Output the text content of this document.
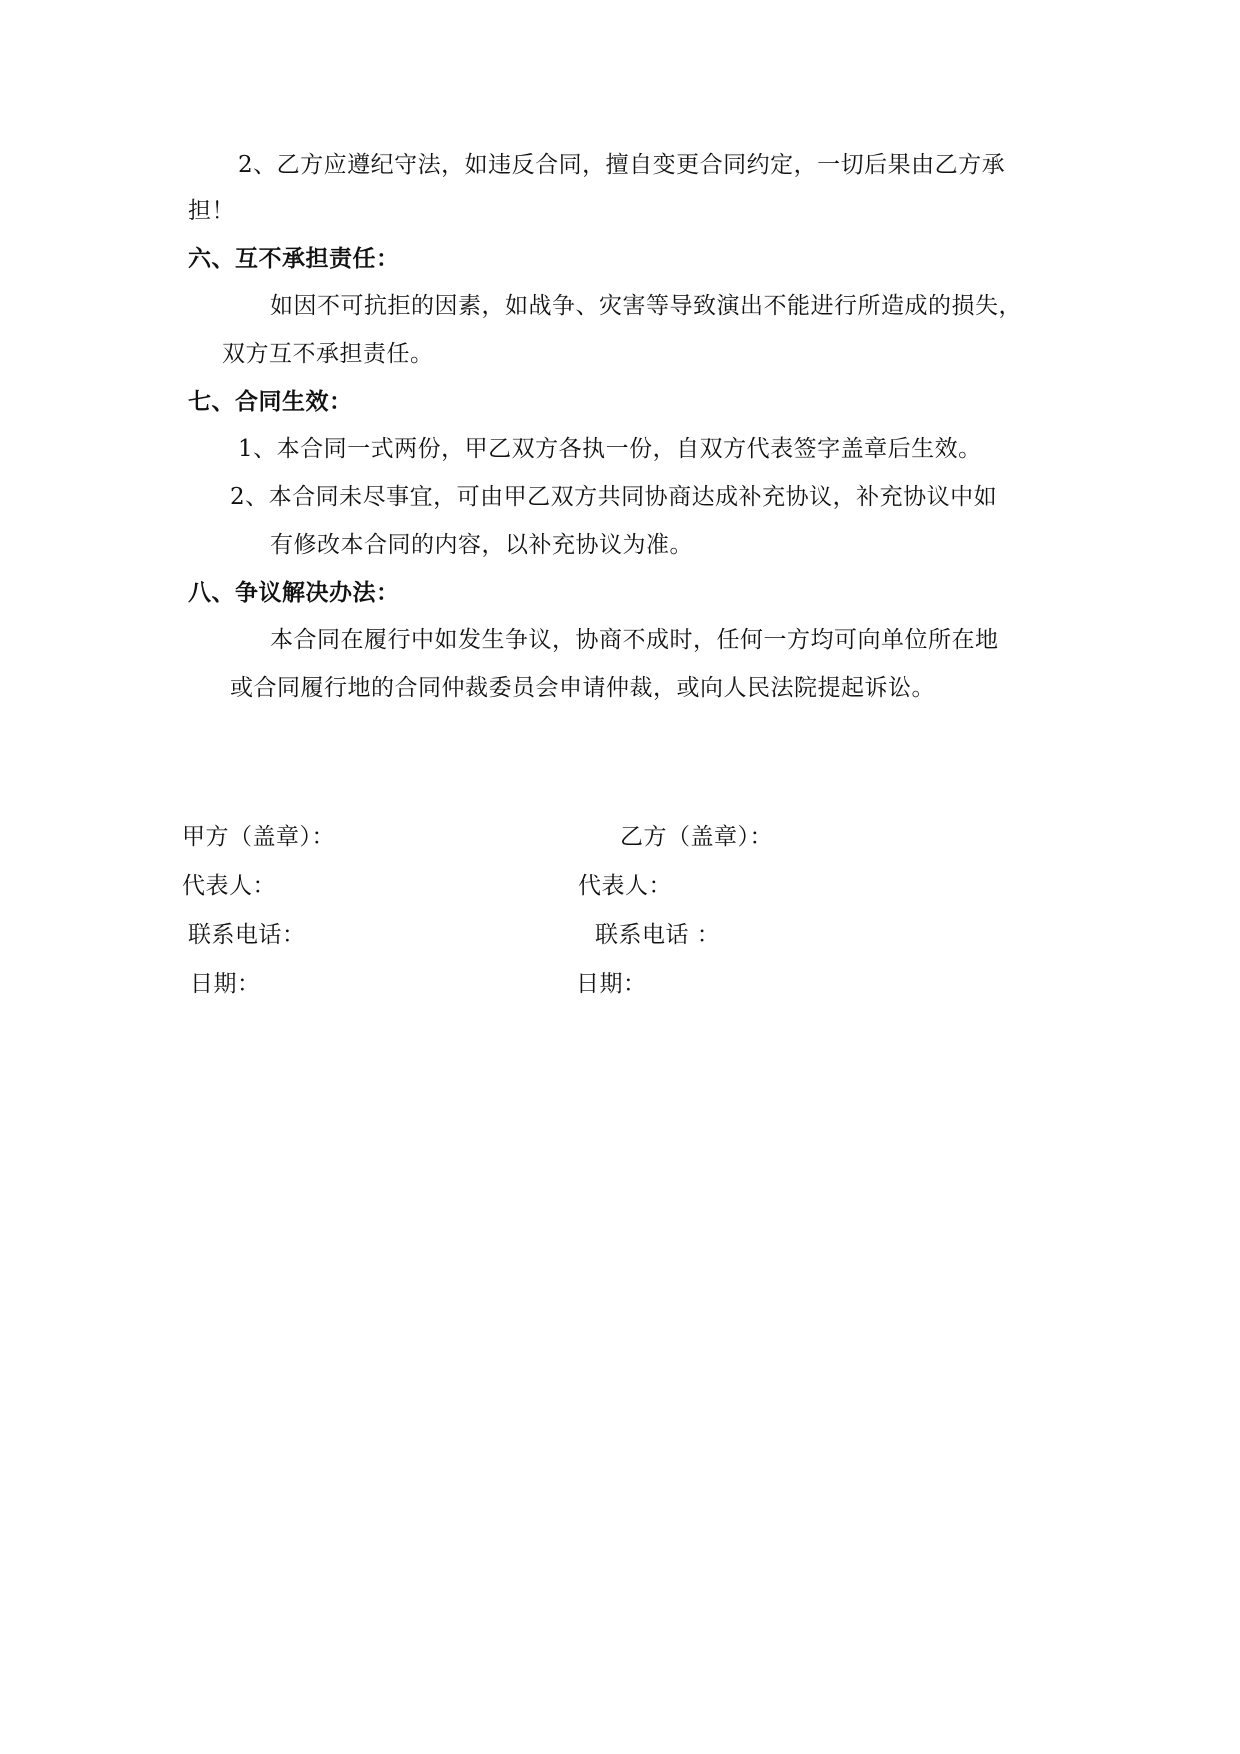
2、乙方应遵纪守法，如违反合同，擅自变更合同约定，一切后果由乙方承
担！
六、互不承担责任：
如因不可抗拒的因素，如战争、灾害等导致演出不能进行所造成的损失，
双方互不承担责任。
七、合同生效：
1、本合同一式两份，甲乙双方各执一份，自双方代表签字盖章后生效。
2、本合同未尽事宜，可由甲乙双方共同协商达成补充协议，补充协议中如
有修改本合同的内容，以补充协议为准。
八、争议解决办法：
本合同在履行中如发生争议，协商不成时，任何一方均可向单位所在地
或合同履行地的合同仲裁委员会申请仲裁，或向人民法院提起诉讼。
甲方（盖章）：	乙方（盖章）：
代表人：	代表人：
联系电话：	联系电话 ：
日期：	日期：
